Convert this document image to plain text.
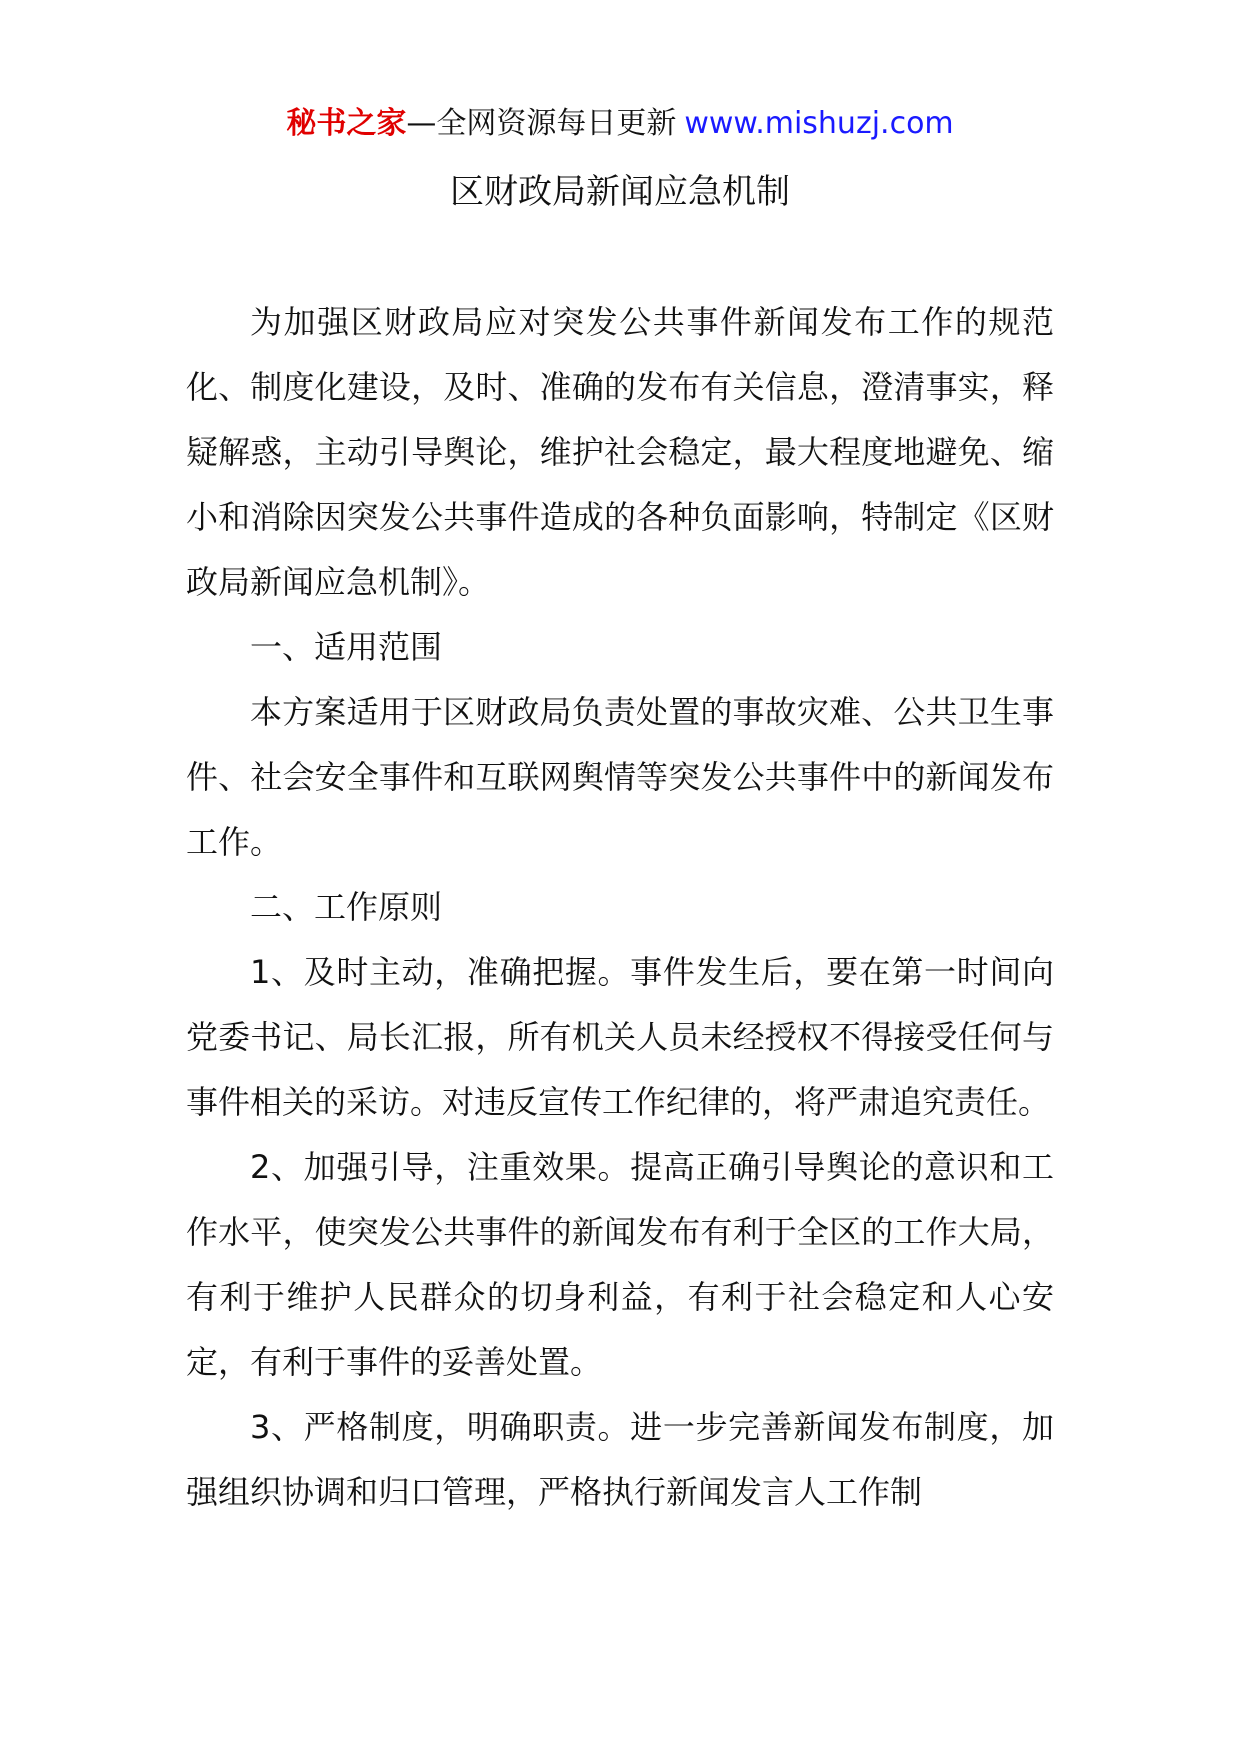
秘书之家—全网资源每日更新 www.mishuzj.com
区财政局新闻应急机制

为加强区财政局应对突发公共事件新闻发布工作的规范化、制度化建设，及时、准确的发布有关信息，澄清事实，释疑解惑，主动引导舆论，维护社会稳定，最大程度地避免、缩小和消除因突发公共事件造成的各种负面影响，特制定《区财政局新闻应急机制》。

一、适用范围

本方案适用于区财政局负责处置的事故灾难、公共卫生事件、社会安全事件和互联网舆情等突发公共事件中的新闻发布工作。

二、工作原则

1、及时主动，准确把握。事件发生后，要在第一时间向党委书记、局长汇报，所有机关人员未经授权不得接受任何与事件相关的采访。对违反宣传工作纪律的，将严肃追究责任。

2、加强引导，注重效果。提高正确引导舆论的意识和工作水平，使突发公共事件的新闻发布有利于全区的工作大局，有利于维护人民群众的切身利益，有利于社会稳定和人心安定，有利于事件的妥善处置。

3、严格制度，明确职责。进一步完善新闻发布制度，加强组织协调和归口管理，严格执行新闻发言人工作制
